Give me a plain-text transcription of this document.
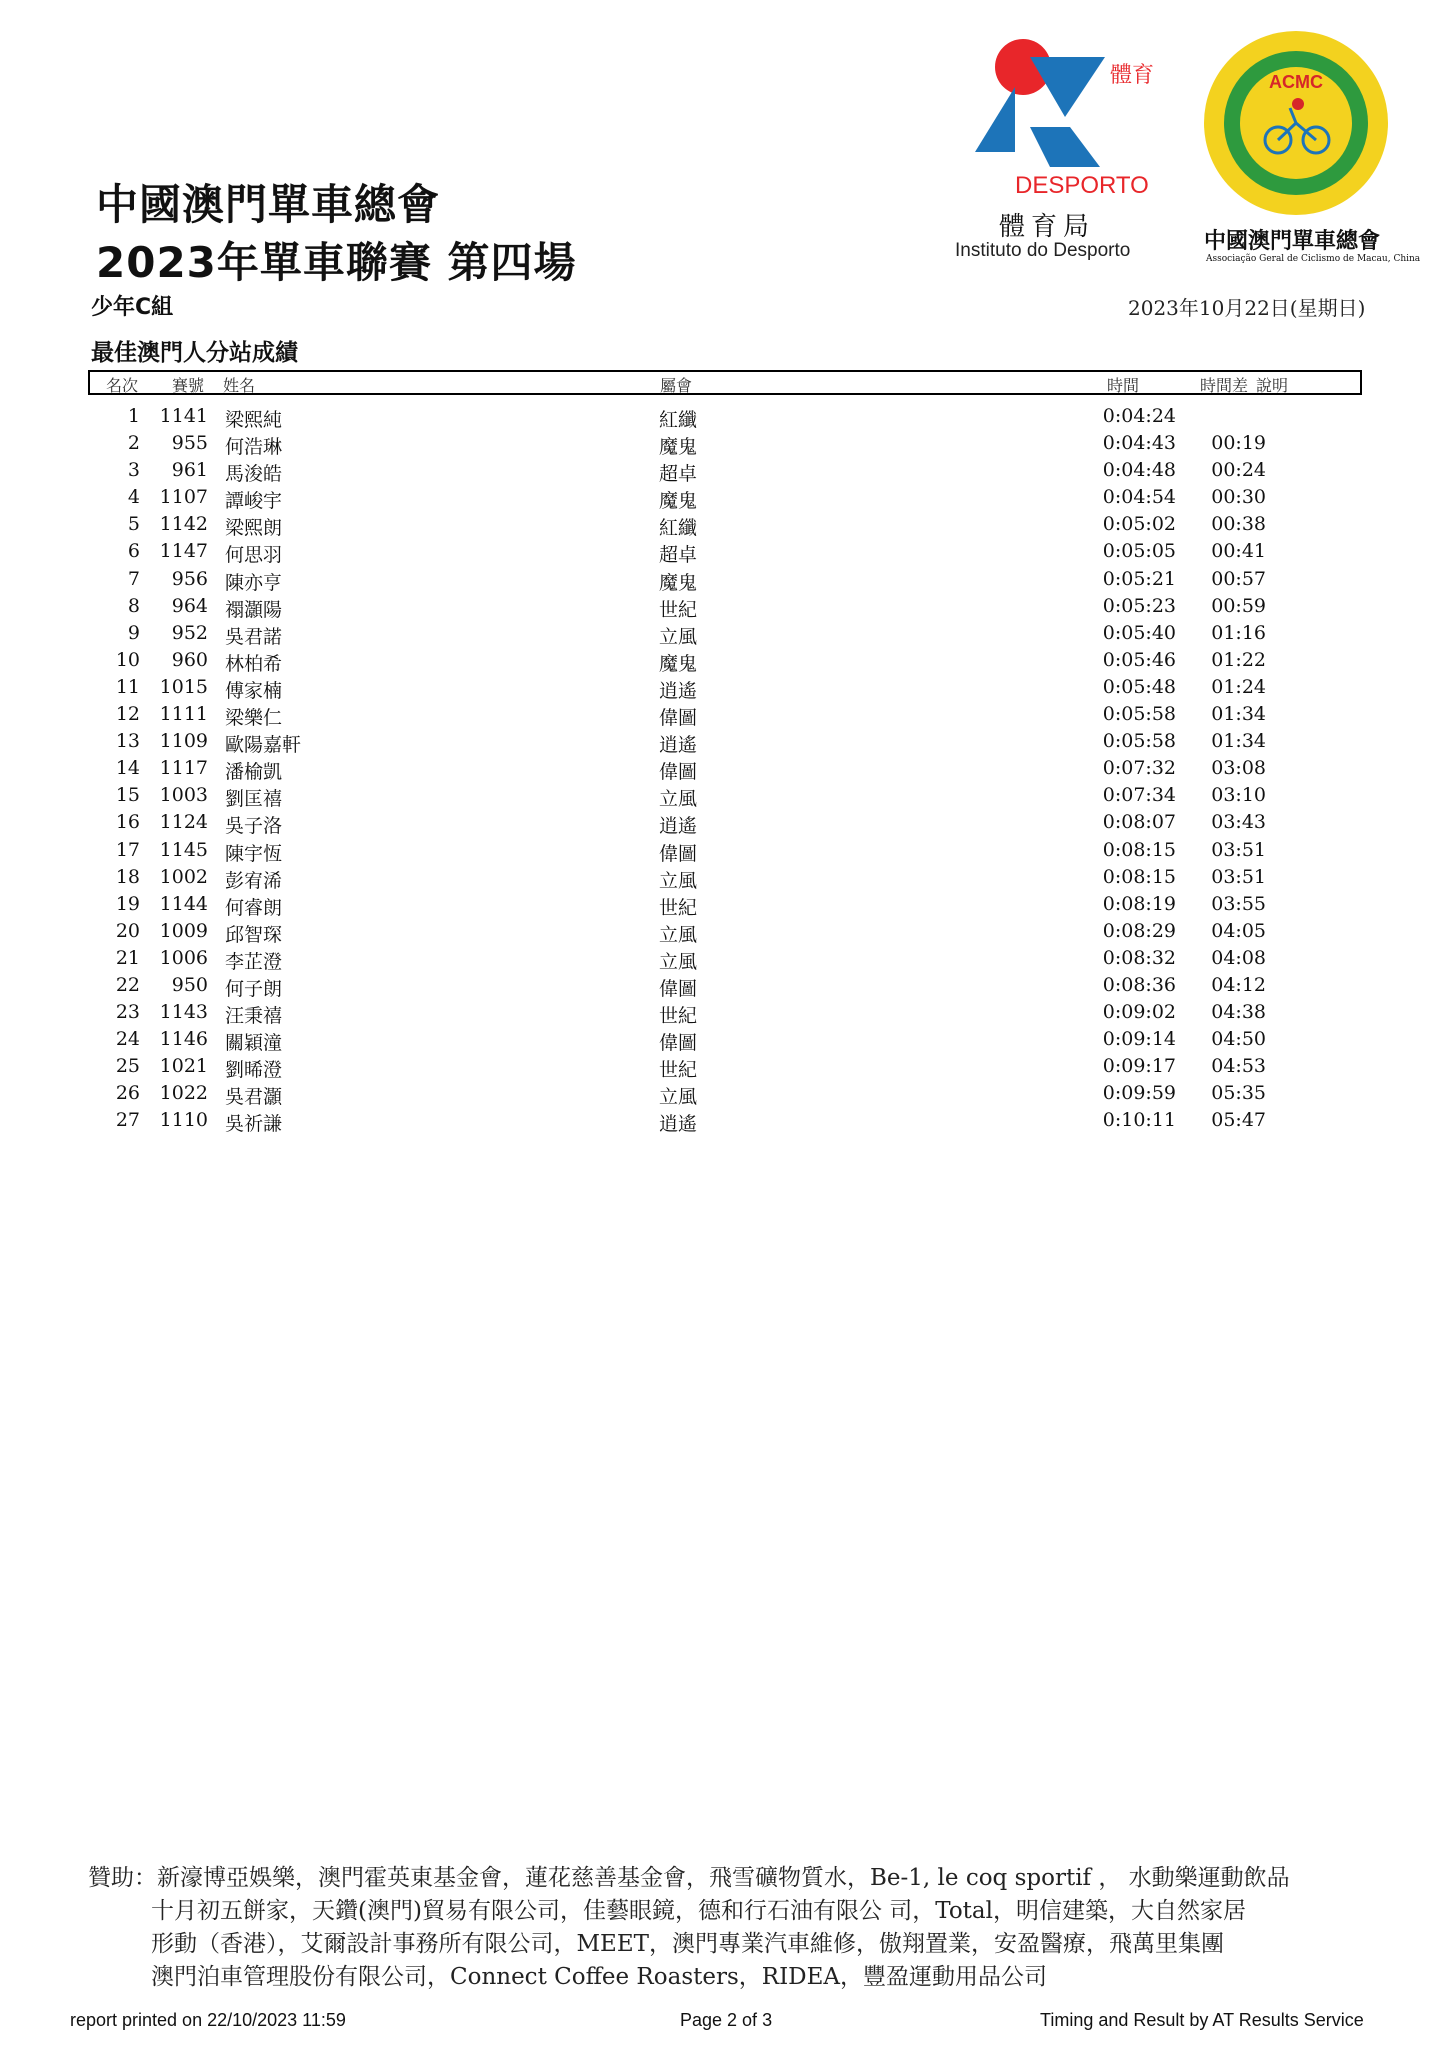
中國澳門單車總會
2023年單車聯賽 第四場
少年C組	2023年10月22日(星期日)
最佳澳門人分站成績
體育
DESPORTO
體育局
Instituto do Desporto
ACMC
中國澳門單車總會
Associação Geral de Ciclismo de Macau, China
名次 賽號 姓名	屬會	時間	時間差 說明
1	1141 梁熙純	紅纖	0:04:24
2	955 何浩琳	魔鬼	0:04:43	00:19
3	961 馬浚皓	超卓	0:04:48	00:24
4	1107 譚峻宇	魔鬼	0:04:54	00:30
5	1142 梁熙朗	紅纖	0:05:02	00:38
6	1147 何思羽	超卓	0:05:05	00:41
7	956 陳亦亨	魔鬼	0:05:21	00:57
8	964 禤灝陽	世紀	0:05:23	00:59
9	952 吳君諾	立風	0:05:40	01:16
10	960 林柏希	魔鬼	0:05:46	01:22
11	1015 傅家楠	逍遙	0:05:48	01:24
12	1111 梁樂仁	偉圖	0:05:58	01:34
13	1109 歐陽嘉軒	逍遙	0:05:58	01:34
14	1117 潘榆凱	偉圖	0:07:32	03:08
15	1003 劉匡禧	立風	0:07:34	03:10
16	1124 吳子洛	逍遙	0:08:07	03:43
17	1145 陳宇恆	偉圖	0:08:15	03:51
18	1002 彭宥浠	立風	0:08:15	03:51
19	1144 何睿朗	世紀	0:08:19	03:55
20	1009 邱智琛	立風	0:08:29	04:05
21	1006 李芷澄	立風	0:08:32	04:08
22	950 何子朗	偉圖	0:08:36	04:12
23	1143 汪秉禧	世紀	0:09:02	04:38
24	1146 關穎潼	偉圖	0:09:14	04:50
25	1021 劉晞澄	世紀	0:09:17	04:53
26	1022 吳君灝	立風	0:09:59	05:35
27	1110 吳祈謙	逍遙	0:10:11	05:47
贊助：新濠博亞娛樂，澳門霍英東基金會，蓮花慈善基金會，飛雪礦物質水，Be-1, le coq sportif ， 水動樂運動飲品
十月初五餅家，天鑽(澳門)貿易有限公司，佳藝眼鏡，德和行石油有限公 司，Total，明信建築，大自然家居
形動（香港），艾爾設計事務所有限公司，MEET，澳門專業汽車維修，傲翔置業，安盈醫療，飛萬里集團
澳門泊車管理股份有限公司，Connect Coffee Roasters，RIDEA，豐盈運動用品公司
report printed on 22/10/2023 11:59	Page 2 of 3	Timing and Result by AT Results Service
